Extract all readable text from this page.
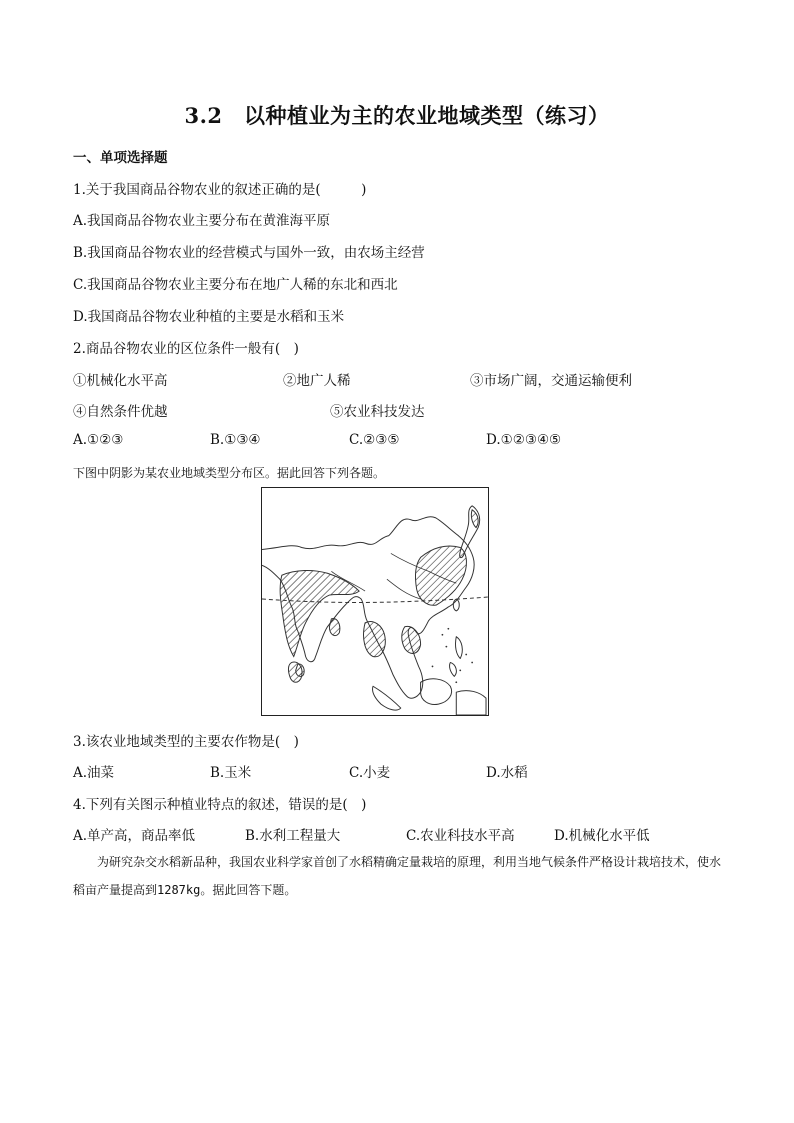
3.2　以种植业为主的农业地域类型（练习）
一、单项选择题
1.关于我国商品谷物农业的叙述正确的是(　　　)
A.我国商品谷物农业主要分布在黄淮海平原
B.我国商品谷物农业的经营模式与国外一致，由农场主经营
C.我国商品谷物农业主要分布在地广人稀的东北和西北
D.我国商品谷物农业种植的主要是水稻和玉米
2.商品谷物农业的区位条件一般有(　)
①机械化水平高	②地广人稀	③市场广阔，交通运输便利
④自然条件优越	⑤农业科技发达
A.①②③	B.①③④	C.②③⑤	D.①②③④⑤
下图中阴影为某农业地域类型分布区。据此回答下列各题。
3.该农业地域类型的主要农作物是(　)
A.油菜	B.玉米	C.小麦	D.水稻
4.下列有关图示种植业特点的叙述，错误的是(　)
A.单产高，商品率低	B.水利工程量大	C.农业科技水平高	D.机械化水平低
为研究杂交水稻新品种，我国农业科学家首创了水稻精确定量栽培的原理，利用当地气候条件严格设计栽培技术，使水稻亩产量提高到1287kg。据此回答下题。
